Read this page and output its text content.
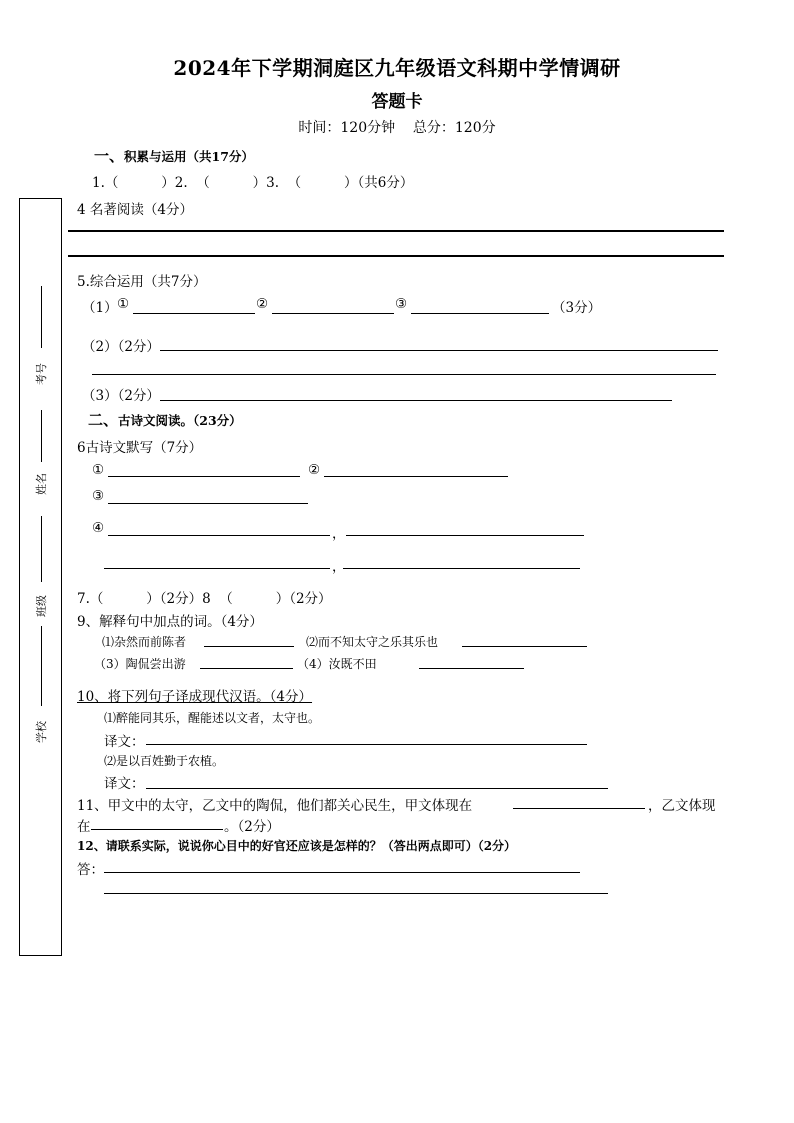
2024年下学期洞庭区九年级语文科期中学情调研
答题卡
时间：120分钟    总分：120分
考号
姓名
班级
学校
一、积累与运用（共17分）
1.（          ）2.  （          ）3.  （          ）（共6分）
4 名著阅读（4分）
5.综合运用（共7分）
（1） ①	②	③	（3分）
（2）（2分）
（3）（2分）
二、古诗文阅读。（23分）
6古诗文默写（7分）
①	②
③
④	，
，
7.（          ）（2分）8  （          ）（2分）
9、解释句中加点的词。（4分）
⑴杂然而前陈者	⑵而不知太守之乐其乐也
（3）陶侃尝出游	（4）汝既不田
10、将下列句子译成现代汉语。（4分）
⑴醉能同其乐，醒能述以文者，太守也。
译文：
⑵是以百姓勤于农植。
译文：
11、甲文中的太守，乙文中的陶侃，他们都关心民生，甲文体现在	，乙文体现
在	。（2分）
12、请联系实际，说说你心目中的好官还应该是怎样的？（答出两点即可）（2分）
答：
